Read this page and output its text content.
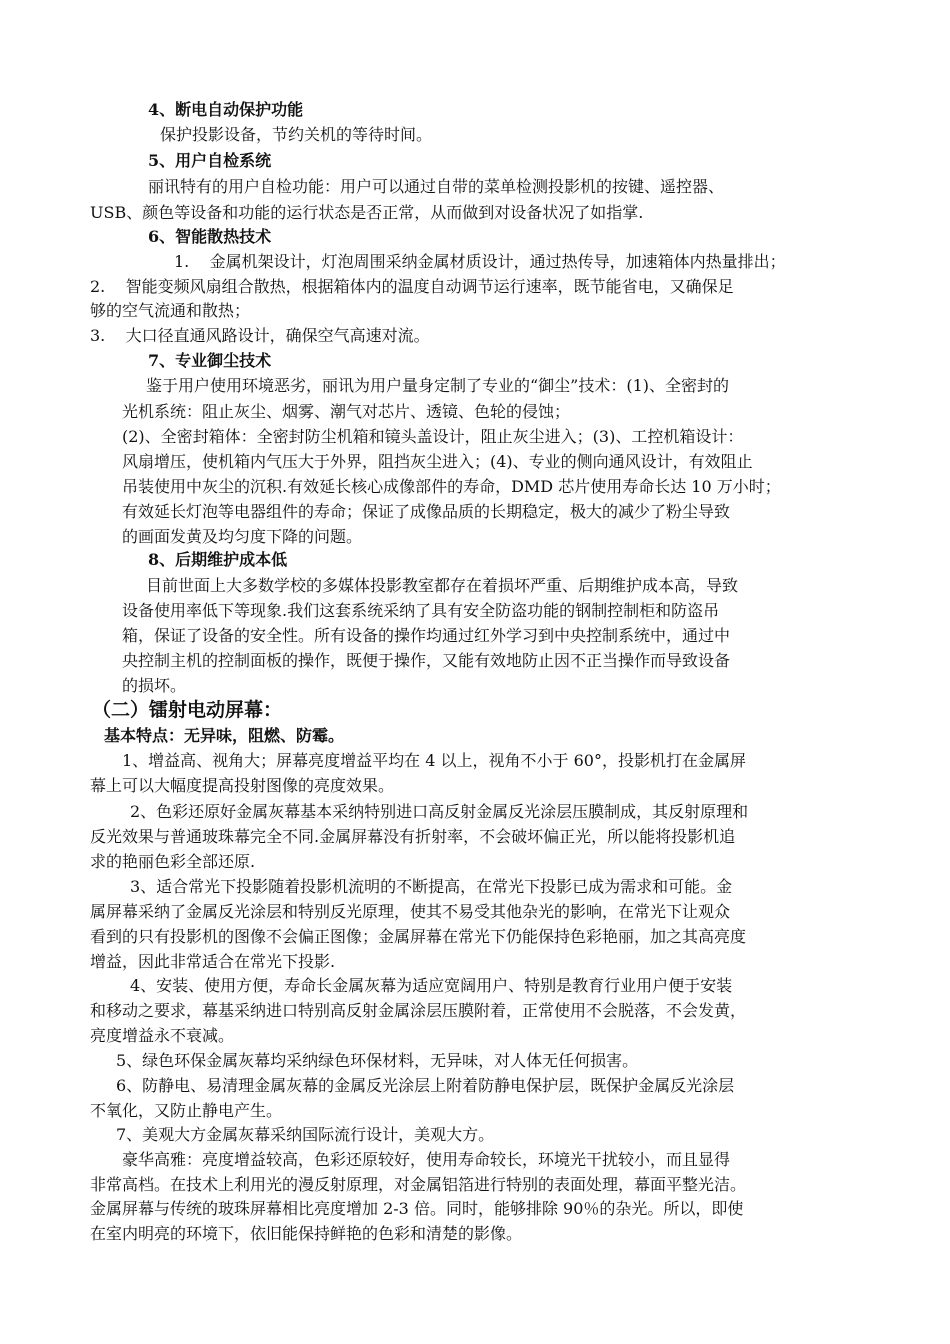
4、断电自动保护功能

保护投影设备，节约关机的等待时间。

5、用户自检系统

丽讯特有的用户自检功能：用户可以通过自带的菜单检测投影机的按键、遥控器、

USB、颜色等设备和功能的运行状态是否正常，从而做到对设备状况了如指掌.

6、智能散热技术

1.    金属机架设计，灯泡周围采纳金属材质设计，通过热传导，加速箱体内热量排出；

2.    智能变频风扇组合散热，根据箱体内的温度自动调节运行速率，既节能省电，又确保足

够的空气流通和散热；

3.    大口径直通风路设计，确保空气高速对流。

7、专业御尘技术

鉴于用户使用环境恶劣，丽讯为用户量身定制了专业的“御尘”技术：(1)、全密封的

光机系统：阻止灰尘、烟雾、潮气对芯片、透镜、色轮的侵蚀；

(2)、全密封箱体：全密封防尘机箱和镜头盖设计，阻止灰尘进入；(3)、工控机箱设计：

风扇增压，使机箱内气压大于外界，阻挡灰尘进入；(4)、专业的侧向通风设计，有效阻止

吊装使用中灰尘的沉积.有效延长核心成像部件的寿命，DMD 芯片使用寿命长达 10 万小时；

有效延长灯泡等电器组件的寿命；保证了成像品质的长期稳定，极大的减少了粉尘导致

的画面发黄及均匀度下降的问题。

8、后期维护成本低

目前世面上大多数学校的多媒体投影教室都存在着损坏严重、后期维护成本高，导致

设备使用率低下等现象.我们这套系统采纳了具有安全防盗功能的钢制控制柜和防盗吊

箱，保证了设备的安全性。所有设备的操作均通过红外学习到中央控制系统中，通过中

央控制主机的控制面板的操作，既便于操作，又能有效地防止因不正当操作而导致设备

的损坏。

（二）镭射电动屏幕：

基本特点：无异味，阻燃、防霉。

1、增益高、视角大；屏幕亮度增益平均在 4 以上，视角不小于 60°，投影机打在金属屏

幕上可以大幅度提高投射图像的亮度效果。

2、色彩还原好金属灰幕基本采纳特别进口高反射金属反光涂层压膜制成，其反射原理和

反光效果与普通玻珠幕完全不同.金属屏幕没有折射率，不会破坏偏正光，所以能将投影机追

求的艳丽色彩全部还原.

3、适合常光下投影随着投影机流明的不断提高，在常光下投影已成为需求和可能。金

属屏幕采纳了金属反光涂层和特别反光原理，使其不易受其他杂光的影响，在常光下让观众

看到的只有投影机的图像不会偏正图像；金属屏幕在常光下仍能保持色彩艳丽，加之其高亮度

增益，因此非常适合在常光下投影.

4、安装、使用方便，寿命长金属灰幕为适应宽阔用户、特别是教育行业用户便于安装

和移动之要求，幕基采纳进口特别高反射金属涂层压膜附着，正常使用不会脱落，不会发黄，

亮度增益永不衰减。

5、绿色环保金属灰幕均采纳绿色环保材料，无异味，对人体无任何损害。

6、防静电、易清理金属灰幕的金属反光涂层上附着防静电保护层，既保护金属反光涂层

不氧化，又防止静电产生。

7、美观大方金属灰幕采纳国际流行设计，美观大方。

豪华高雅：亮度增益较高，色彩还原较好，使用寿命较长，环境光干扰较小，而且显得

非常高档。在技术上利用光的漫反射原理，对金属铝箔进行特别的表面处理，幕面平整光洁。

金属屏幕与传统的玻珠屏幕相比亮度增加 2-3 倍。同时，能够排除 90％的杂光。所以，即使

在室内明亮的环境下，依旧能保持鲜艳的色彩和清楚的影像。
